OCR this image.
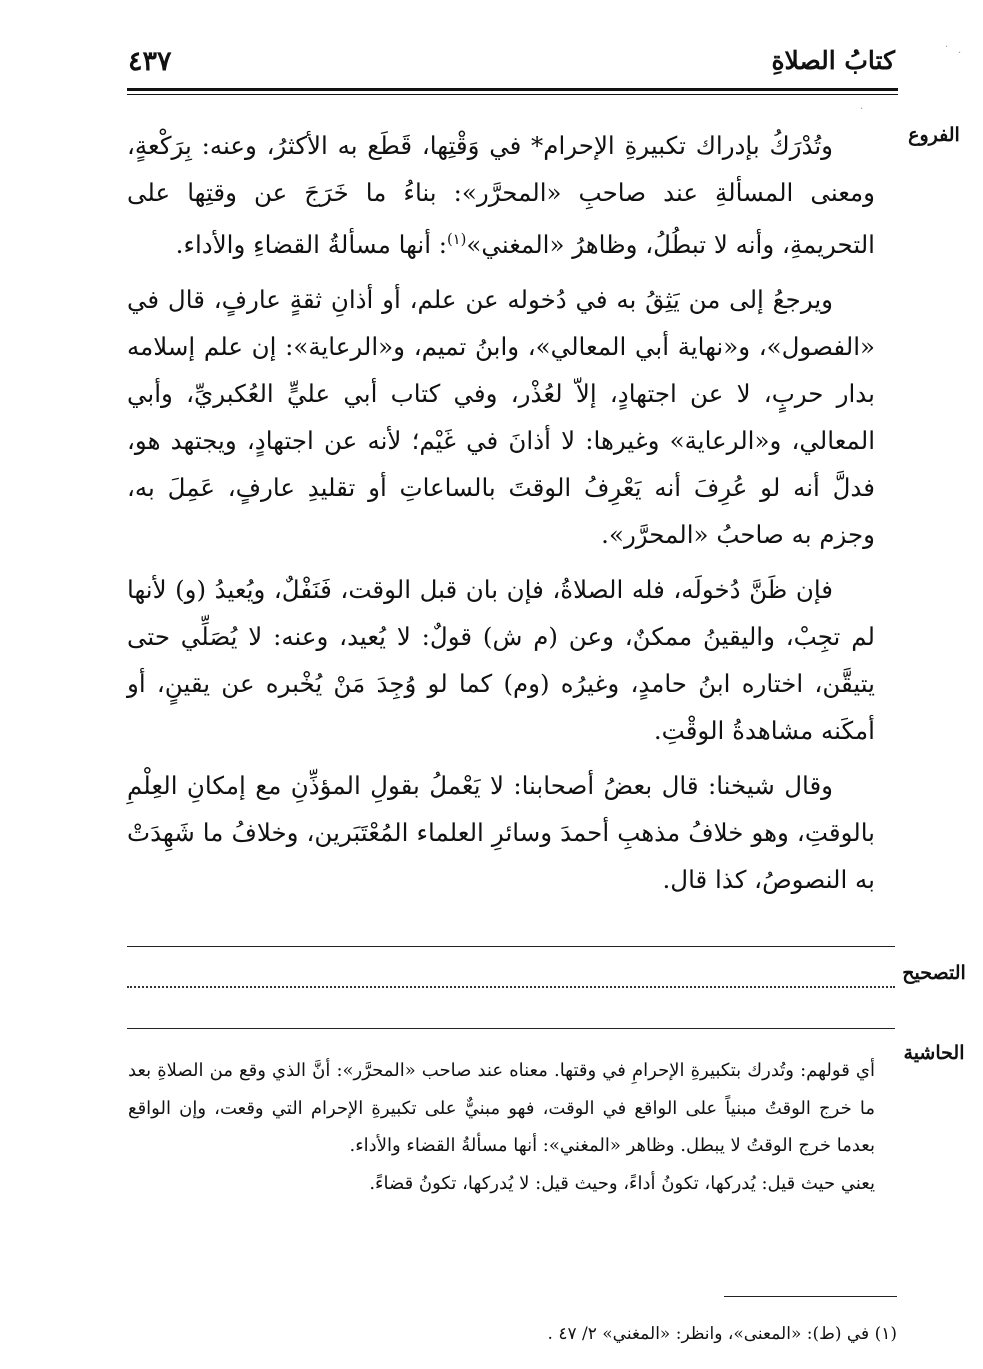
٤٣٧	كتابُ الصلاةِ
الفروع

وتُدْرَكُ بإدراك تكبيرةِ الإحرام* في وَقْتِها، قَطَع به الأكثرُ، وعنه: بِرَكْعةٍ، ومعنى المسألةِ عند صاحبِ «المحرَّر»: بناءُ ما خَرَجَ عن وقتِها على التحريمةِ، وأنه لا تبطُلُ، وظاهرُ «المغني»$^{(١)}$: أنها مسألةُ القضاءِ والأداء.

ويرجعُ إلى من يَثِقُ به في دُخوله عن علم، أو أذانِ ثقةٍ عارفٍ، قال في «الفصول»، و«نهاية أبي المعالي»، وابنُ تميم، و«الرعاية»: إن علم إسلامه بدار حربٍ، لا عن اجتهادٍ، إلاّ لعُذْر، وفي كتاب أبي عليٍّ العُكبريِّ، وأبي المعالي، و«الرعاية» وغيرها: لا أذانَ في غَيْم؛ لأنه عن اجتهادٍ، ويجتهد هو، فدلَّ أنه لو عُرِفَ أنه يَعْرِفُ الوقتَ بالساعاتِ أو تقليدِ عارفٍ، عَمِلَ به، وجزم به صاحبُ «المحرَّر».

فإن ظَنَّ دُخولَه، فله الصلاةُ، فإن بان قبل الوقت، فَنَفْلٌ، ويُعيدُ (و) لأنها لم تجِبْ، واليقينُ ممكنٌ، وعن (م ش) قولٌ: لا يُعيد، وعنه: لا يُصَلِّي حتى يتيقَّن، اختاره ابنُ حامدٍ، وغيرُه (وم) كما لو وُجِدَ مَنْ يُخْبره عن يقينٍ، أو أمكَنه مشاهدةُ الوقْتِ.

وقال شيخنا: قال بعضُ أصحابنا: لا يَعْملُ بقولِ المؤذِّنِ مع إمكانِ العِلْمِ بالوقتِ، وهو خلافُ مذهبِ أحمدَ وسائرِ العلماء المُعْتَبَرين، وخلافُ ما شَهِدَتْ به النصوصُ، كذا قال.

التصحيح
الحاشية

أي قولهم: وتُدرك بتكبيرةِ الإحرامِ في وقتها. معناه عند صاحب «المحرَّر»: أنَّ الذي وقع من الصلاةِ بعد ما خرج الوقتُ مبنياً على الواقع في الوقت، فهو مبنيٌّ على تكبيرةِ الإحرام التي وقعت، وإن الواقع بعدما خرج الوقتُ لا يبطل. وظاهر «المغني»: أنها مسألةُ القضاء والأداء.

يعني حيث قيل: يُدركها، تكونُ أداءً، وحيث قيل: لا يُدركها، تكونُ قضاءً.

(١) في (ط): «المعنى»، وانظر: «المغني» ٢/ ٤٧ .
·
·
·
